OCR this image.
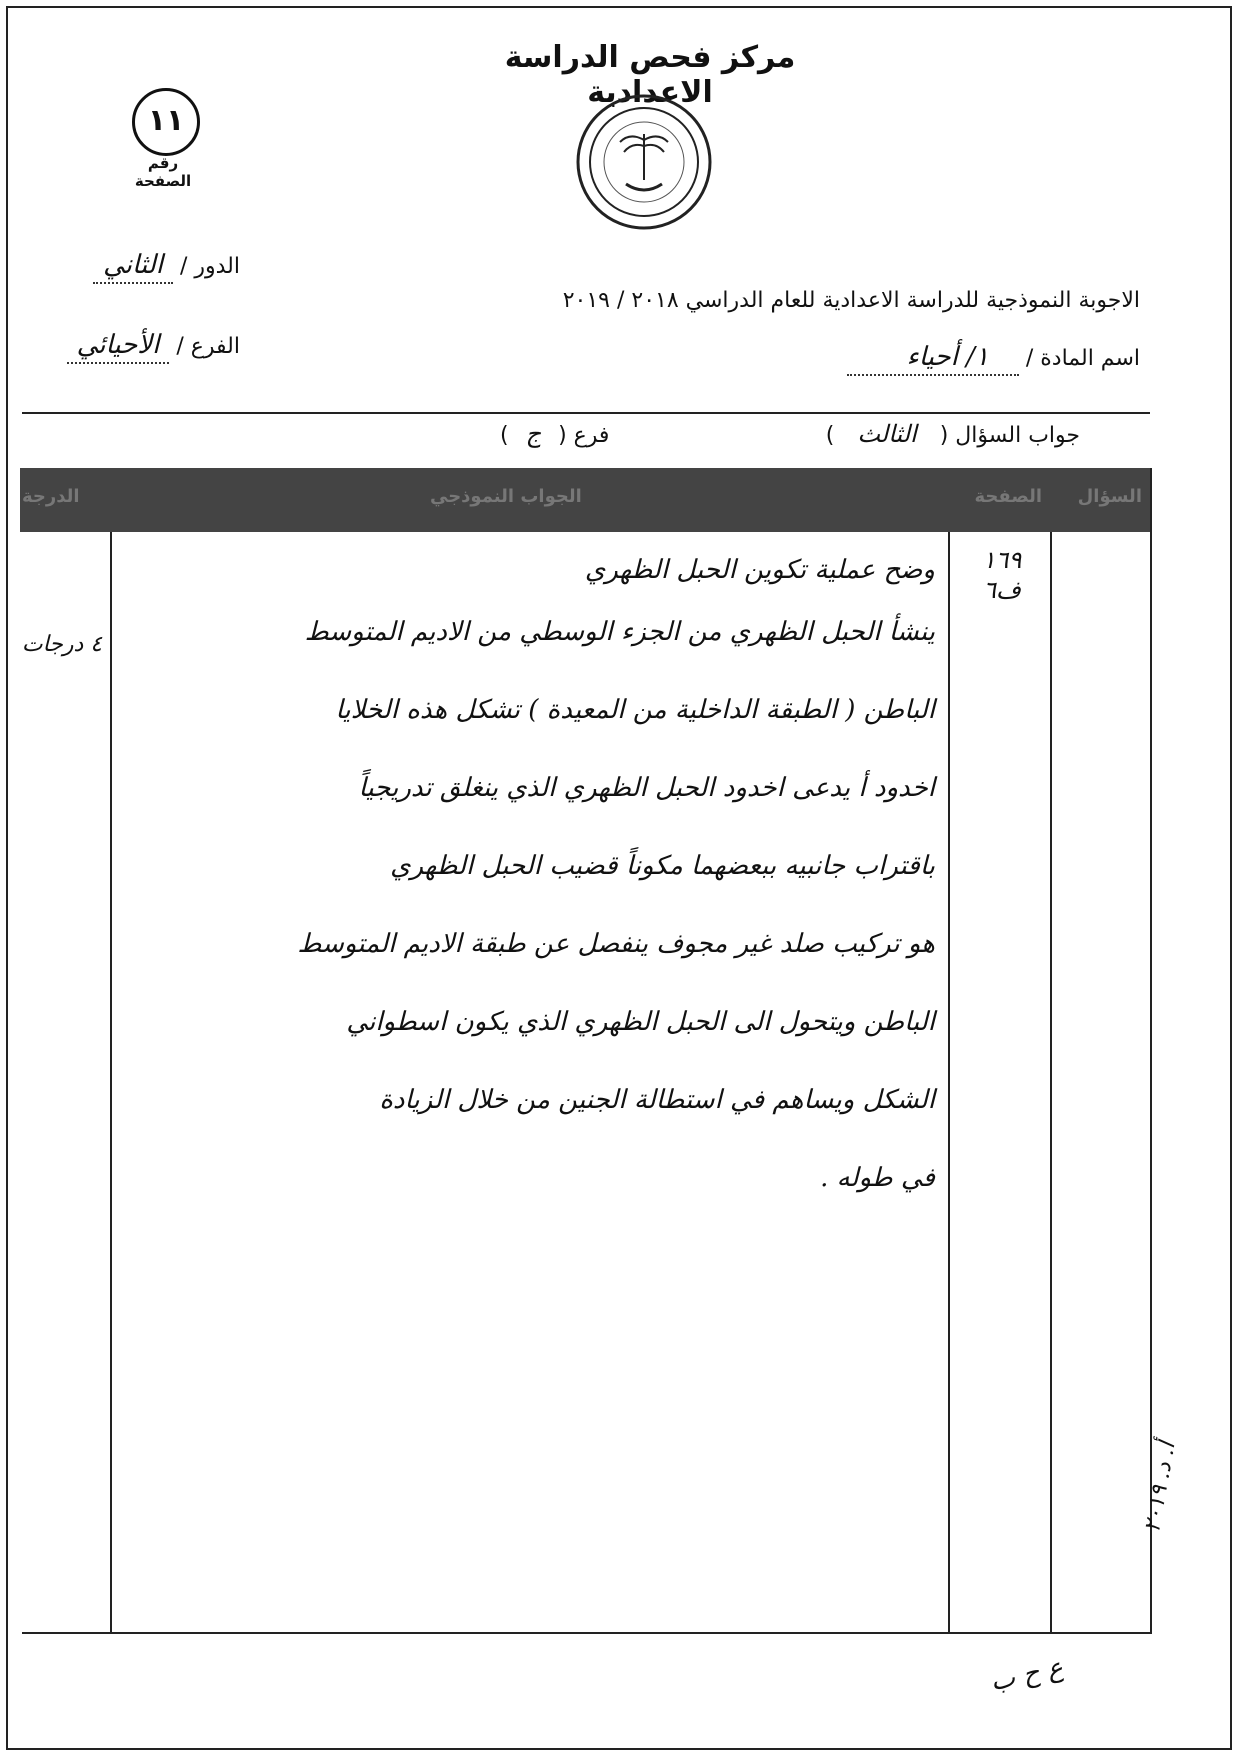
١١
رقم الصفحة
مركز فحص الدراسة الاعدادية
الاجوبة النموذجية للدراسة الاعدادية للعام الدراسي ٢٠١٨ / ٢٠١٩
اسم المادة / ١/ أحياء
الدور / الثاني
الفرع / الأحيائي
جواب السؤال ( الثالث )
فرع ( ج )
السؤال
الصفحة
الجواب النموذجي
الدرجة
١٦٩ ف٦
٤ درجات
وضح عملية تكوين الحبل الظهري
ينشأ الحبل الظهري من الجزء الوسطي من الاديم المتوسط
الباطن ( الطبقة الداخلية من المعيدة ) تشكل هذه الخلايا
اخدود أ يدعى اخدود الحبل الظهري الذي ينغلق تدريجياً
باقتراب جانبيه ببعضهما مكوناً قضيب الحبل الظهري
هو تركيب صلد غير مجوف ينفصل عن طبقة الاديم المتوسط
الباطن ويتحول الى الحبل الظهري الذي يكون اسطواني
الشكل ويساهم في استطالة الجنين من خلال الزيادة
في طوله .
أ. د. ٢٠١٩
ع ح ب
